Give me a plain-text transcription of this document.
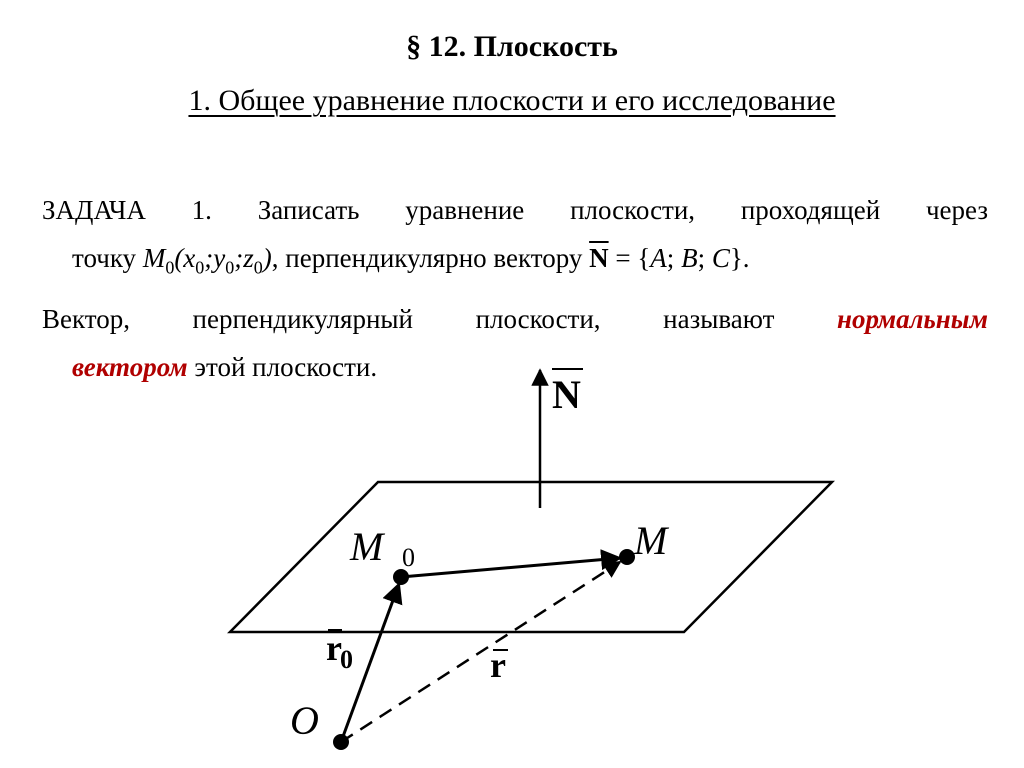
§ 12. Плоскость
1. Общее уравнение плоскости и его исследование
ЗАДАЧА 1. Записать уравнение плоскости, проходящей через
точку $M_0(x_0;y_0;z_0)$, перпендикулярно вектору $\overline{N} = \{A$; B; C}.
Вектор, перпендикулярный плоскости, называют нормальным
вектором этой плоскости.
N
M 0	M
r
0	r
O
